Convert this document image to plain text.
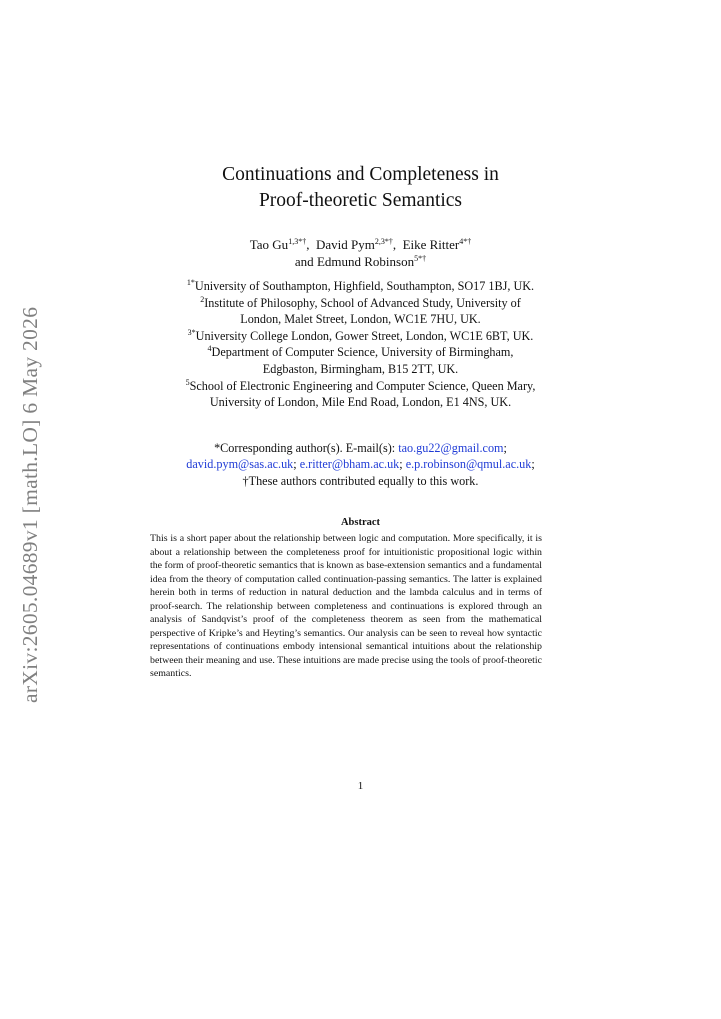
arXiv:2605.04689v1 [math.LO] 6 May 2026
Continuations and Completeness in
Proof-theoretic Semantics
Tao $Gu^{1,3*\dagger}$,  David Pym$^{2,3*\dagger}$,  Eike Ritter$^{4*\dagger}$
and Edmund Robinson$^{5*\dagger}$
$^{1*}$University of Southampton, Highfield, Southampton, SO17 1BJ, UK.
$^2$Institute of Philosophy, School of Advanced Study, University of
London, Malet Street, London, WC1E 7HU, UK.
$^{3*}$University College London, Gower Street, London, WC1E 6BT, UK.
$^4$Department of Computer Science, University of Birmingham,
Edgbaston, Birmingham, B15 2TT, UK.
$^5$School of Electronic Engineering and Computer Science, Queen Mary,
University of London, Mile End Road, London, E1 4NS, UK.
*Corresponding author(s). E-mail(s): tao.gu22@gmail.com;
david.pym@sas.ac.uk; e.ritter@bham.ac.uk; e.p.robinson@qmul.ac.uk;
†These authors contributed equally to this work.
Abstract
This is a short paper about the relationship between logic and computation. More specifically, it is about a relationship between the completeness proof for intuitionistic propositional logic within the form of proof-theoretic semantics that is known as base-extension semantics and a fundamental idea from the theory of computation called continuation-passing semantics. The latter is explained herein both in terms of reduction in natural deduction and the lambda calculus and in terms of proof-search. The relationship between completeness and continuations is explored through an analysis of Sandqvist’s proof of the completeness theorem as seen from the mathematical perspective of Kripke’s and Heyting’s semantics. Our analysis can be seen to reveal how syntactic representations of continuations embody intensional semantical intuitions about the relationship between their meaning and use. These intuitions are made precise using the tools of proof-theoretic semantics.
1
